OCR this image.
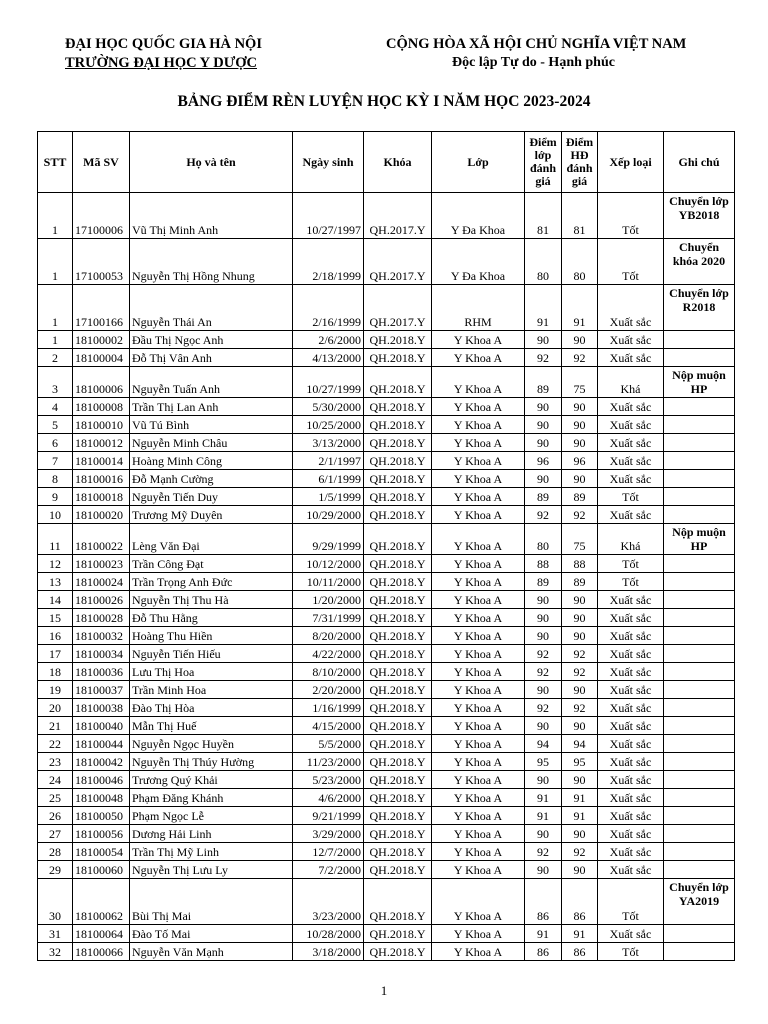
ĐẠI HỌC QUỐC GIA HÀ NỘI
TRƯỜNG ĐẠI HỌC Y DƯỢC
CỘNG HÒA XÃ HỘI CHỦ NGHĨA VIỆT NAM
Độc lập Tự do - Hạnh phúc
BẢNG ĐIỂM RÈN LUYỆN HỌC KỲ I NĂM HỌC 2023-2024
STT	Mã SV	Họ và tên	Ngày sinh	Khóa	Lớp	Điểm lớp đánh giá	Điểm HĐ đánh giá	Xếp loại	Ghi chú
1	17100006	Vũ Thị Minh Anh	10/27/1997	QH.2017.Y	Y Đa Khoa	81	81	Tốt	Chuyển lớp YB2018
1	17100053	Nguyễn Thị Hồng Nhung	2/18/1999	QH.2017.Y	Y Đa Khoa	80	80	Tốt	Chuyển khóa 2020
1	17100166	Nguyễn Thái An	2/16/1999	QH.2017.Y	RHM	91	91	Xuất sắc	Chuyển lớp R2018
1	18100002	Đầu Thị Ngọc Anh	2/6/2000	QH.2018.Y	Y Khoa A	90	90	Xuất sắc	
2	18100004	Đỗ Thị Vân Anh	4/13/2000	QH.2018.Y	Y Khoa A	92	92	Xuất sắc	
3	18100006	Nguyễn Tuấn Anh	10/27/1999	QH.2018.Y	Y Khoa A	89	75	Khá	Nộp muộn HP
4	18100008	Trần Thị Lan Anh	5/30/2000	QH.2018.Y	Y Khoa A	90	90	Xuất sắc	
5	18100010	Vũ Tú Bình	10/25/2000	QH.2018.Y	Y Khoa A	90	90	Xuất sắc	
6	18100012	Nguyễn Minh Châu	3/13/2000	QH.2018.Y	Y Khoa A	90	90	Xuất sắc	
7	18100014	Hoàng Minh Công	2/1/1997	QH.2018.Y	Y Khoa A	96	96	Xuất sắc	
8	18100016	Đỗ Mạnh Cường	6/1/1999	QH.2018.Y	Y Khoa A	90	90	Xuất sắc	
9	18100018	Nguyễn Tiến Duy	1/5/1999	QH.2018.Y	Y Khoa A	89	89	Tốt	
10	18100020	Trương Mỹ Duyên	10/29/2000	QH.2018.Y	Y Khoa A	92	92	Xuất sắc	
11	18100022	Lèng Văn Đại	9/29/1999	QH.2018.Y	Y Khoa A	80	75	Khá	Nộp muộn HP
12	18100023	Trần Công Đạt	10/12/2000	QH.2018.Y	Y Khoa A	88	88	Tốt	
13	18100024	Trần Trọng Anh Đức	10/11/2000	QH.2018.Y	Y Khoa A	89	89	Tốt	
14	18100026	Nguyễn Thị Thu Hà	1/20/2000	QH.2018.Y	Y Khoa A	90	90	Xuất sắc	
15	18100028	Đỗ Thu Hằng	7/31/1999	QH.2018.Y	Y Khoa A	90	90	Xuất sắc	
16	18100032	Hoàng Thu Hiền	8/20/2000	QH.2018.Y	Y Khoa A	90	90	Xuất sắc	
17	18100034	Nguyễn Tiến Hiếu	4/22/2000	QH.2018.Y	Y Khoa A	92	92	Xuất sắc	
18	18100036	Lưu Thị Hoa	8/10/2000	QH.2018.Y	Y Khoa A	92	92	Xuất sắc	
19	18100037	Trần Minh Hoa	2/20/2000	QH.2018.Y	Y Khoa A	90	90	Xuất sắc	
20	18100038	Đào Thị Hòa	1/16/1999	QH.2018.Y	Y Khoa A	92	92	Xuất sắc	
21	18100040	Mẫn Thị Huế	4/15/2000	QH.2018.Y	Y Khoa A	90	90	Xuất sắc	
22	18100044	Nguyễn Ngọc Huyền	5/5/2000	QH.2018.Y	Y Khoa A	94	94	Xuất sắc	
23	18100042	Nguyễn Thị Thúy Hường	11/23/2000	QH.2018.Y	Y Khoa A	95	95	Xuất sắc	
24	18100046	Trương Quý Khải	5/23/2000	QH.2018.Y	Y Khoa A	90	90	Xuất sắc	
25	18100048	Phạm Đăng Khánh	4/6/2000	QH.2018.Y	Y Khoa A	91	91	Xuất sắc	
26	18100050	Phạm Ngọc Lễ	9/21/1999	QH.2018.Y	Y Khoa A	91	91	Xuất sắc	
27	18100056	Dương Hải Linh	3/29/2000	QH.2018.Y	Y Khoa A	90	90	Xuất sắc	
28	18100054	Trần Thị Mỹ Linh	12/7/2000	QH.2018.Y	Y Khoa A	92	92	Xuất sắc	
29	18100060	Nguyễn Thị Lưu Ly	7/2/2000	QH.2018.Y	Y Khoa A	90	90	Xuất sắc	
30	18100062	Bùi Thị Mai	3/23/2000	QH.2018.Y	Y Khoa A	86	86	Tốt	Chuyển lớp YA2019
31	18100064	Đào Tố Mai	10/28/2000	QH.2018.Y	Y Khoa A	91	91	Xuất sắc	
32	18100066	Nguyễn Văn Mạnh	3/18/2000	QH.2018.Y	Y Khoa A	86	86	Tốt	
1
